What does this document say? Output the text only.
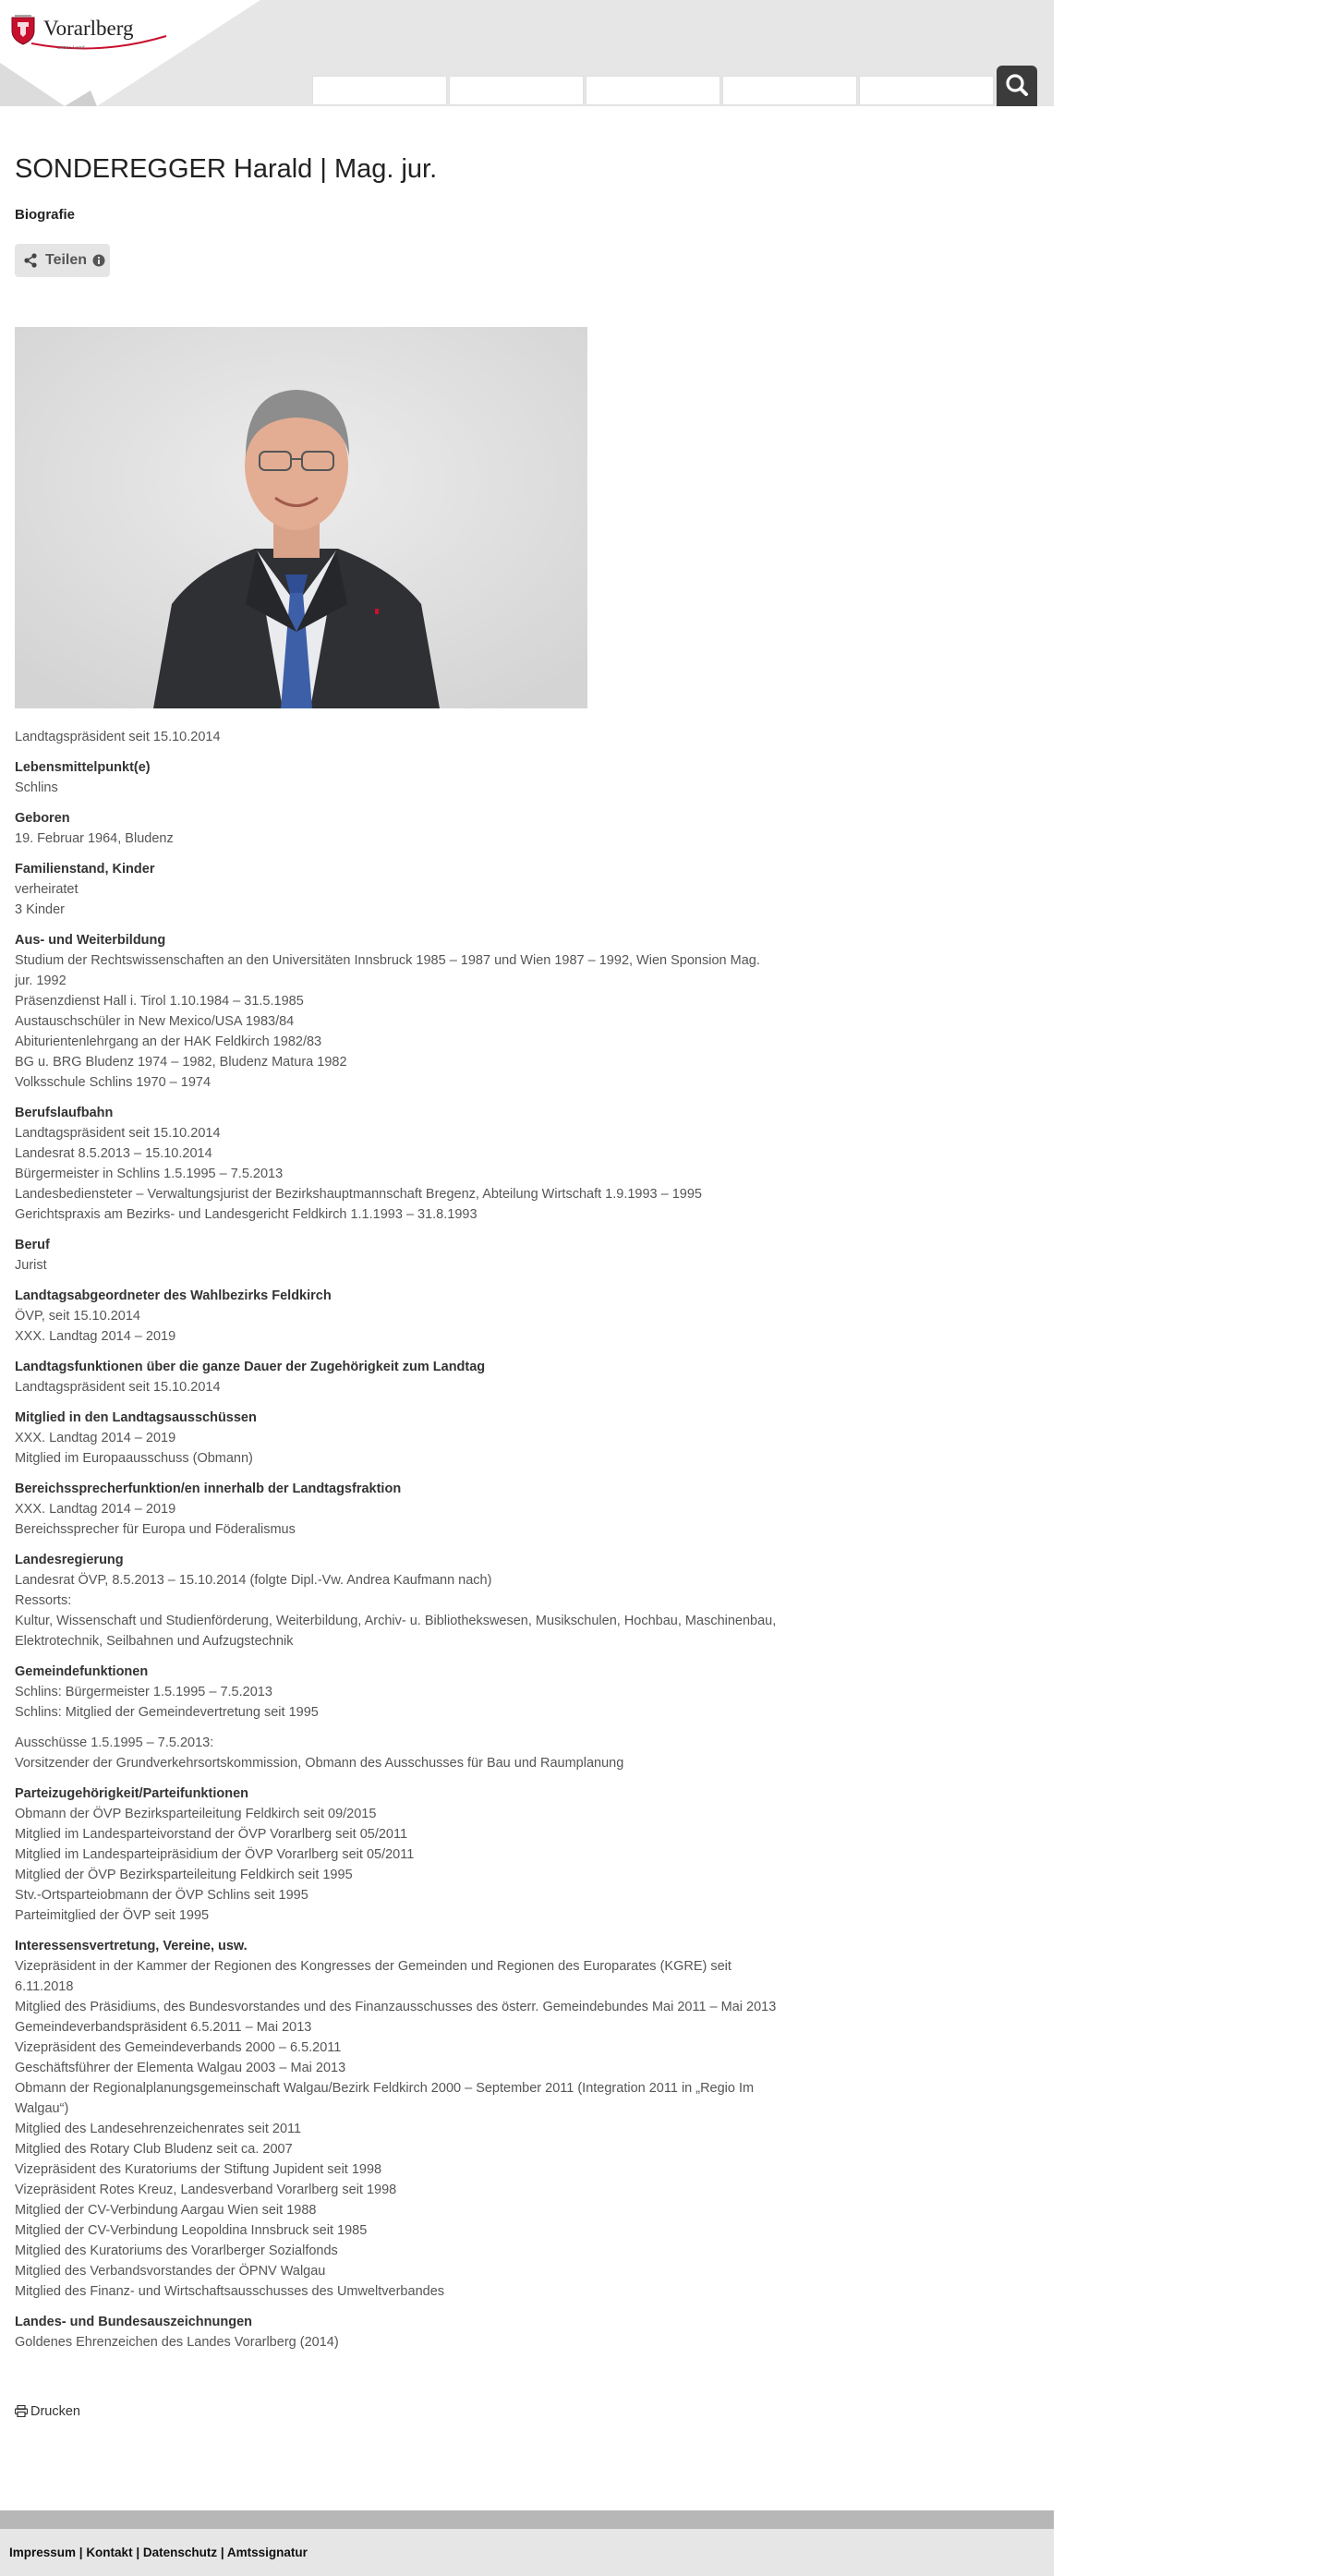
Vorarlberg
unser Land
SONDEREGGER Harald | Mag. jur.
Biografie
Teilen

Landtagspräsident seit 15.10.2014

Lebensmittelpunkt(e)

Schlins

Geboren

19. Februar 1964, Bludenz

Familienstand, Kinder

verheiratet

3 Kinder

Aus- und Weiterbildung

Studium der Rechtswissenschaften an den Universitäten Innsbruck 1985 – 1987 und Wien 1987 – 1992, Wien Sponsion Mag. jur. 1992

Präsenzdienst Hall i. Tirol 1.10.1984 – 31.5.1985

Austauschschüler in New Mexico/USA 1983/84

Abiturientenlehrgang an der HAK Feldkirch 1982/83

BG u. BRG Bludenz 1974 – 1982, Bludenz Matura 1982

Volksschule Schlins 1970 – 1974

Berufslaufbahn

Landtagspräsident seit 15.10.2014

Landesrat 8.5.2013 – 15.10.2014

Bürgermeister in Schlins 1.5.1995 – 7.5.2013

Landesbediensteter – Verwaltungsjurist der Bezirkshauptmannschaft Bregenz, Abteilung Wirtschaft 1.9.1993 – 1995

Gerichtspraxis am Bezirks- und Landesgericht Feldkirch 1.1.1993 – 31.8.1993

Beruf

Jurist

Landtagsabgeordneter des Wahlbezirks Feldkirch

ÖVP, seit 15.10.2014

XXX. Landtag 2014 – 2019

Landtagsfunktionen über die ganze Dauer der Zugehörigkeit zum Landtag

Landtagspräsident seit 15.10.2014

Mitglied in den Landtagsausschüssen

XXX. Landtag 2014 – 2019

Mitglied im Europaausschuss (Obmann)

Bereichssprecherfunktion/en innerhalb der Landtagsfraktion

XXX. Landtag 2014 – 2019

Bereichssprecher für Europa und Föderalismus

Landesregierung

Landesrat ÖVP, 8.5.2013 – 15.10.2014 (folgte Dipl.-Vw. Andrea Kaufmann nach)

Ressorts:

Kultur, Wissenschaft und Studienförderung, Weiterbildung, Archiv- u. Bibliothekswesen, Musikschulen, Hochbau, Maschinenbau, Elektrotechnik, Seilbahnen und Aufzugstechnik

Gemeindefunktionen

Schlins: Bürgermeister 1.5.1995 – 7.5.2013

Schlins: Mitglied der Gemeindevertretung seit 1995

Ausschüsse 1.5.1995 – 7.5.2013:

Vorsitzender der Grundverkehrsortskommission, Obmann des Ausschusses für Bau und Raumplanung

Parteizugehörigkeit/Parteifunktionen

Obmann der ÖVP Bezirksparteileitung Feldkirch seit 09/2015

Mitglied im Landesparteivorstand der ÖVP Vorarlberg seit 05/2011

Mitglied im Landesparteipräsidium der ÖVP Vorarlberg seit 05/2011

Mitglied der ÖVP Bezirksparteileitung Feldkirch seit 1995

Stv.-Ortsparteiobmann der ÖVP Schlins seit 1995

Parteimitglied der ÖVP seit 1995

Interessensvertretung, Vereine, usw.

Vizepräsident in der Kammer der Regionen des Kongresses der Gemeinden und Regionen des Europarates (KGRE) seit 6.11.2018

Mitglied des Präsidiums, des Bundesvorstandes und des Finanzausschusses des österr. Gemeindebundes Mai 2011 – Mai 2013

Gemeindeverbandspräsident 6.5.2011 – Mai 2013

Vizepräsident des Gemeindeverbands 2000 – 6.5.2011

Geschäftsführer der Elementa Walgau 2003 – Mai 2013

Obmann der Regionalplanungsgemeinschaft Walgau/Bezirk Feldkirch 2000 – September 2011 (Integration 2011 in „Regio Im Walgau“)

Mitglied des Landesehrenzeichenrates seit 2011

Mitglied des Rotary Club Bludenz seit ca. 2007

Vizepräsident des Kuratoriums der Stiftung Jupident seit 1998

Vizepräsident Rotes Kreuz, Landesverband Vorarlberg seit 1998

Mitglied der CV-Verbindung Aargau Wien seit 1988

Mitglied der CV-Verbindung Leopoldina Innsbruck seit 1985

Mitglied des Kuratoriums des Vorarlberger Sozialfonds

Mitglied des Verbandsvorstandes der ÖPNV Walgau

Mitglied des Finanz- und Wirtschaftsausschusses des Umweltverbandes

Landes- und Bundesauszeichnungen

Goldenes Ehrenzeichen des Landes Vorarlberg (2014)

Drucken
Impressum | Kontakt | Datenschutz | Amtssignatur
